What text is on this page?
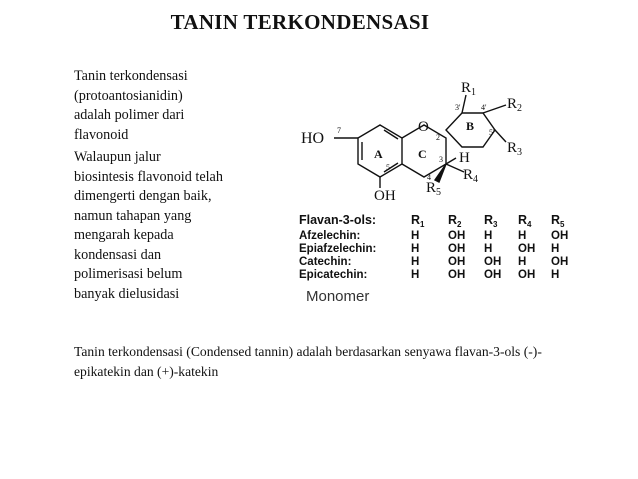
TANIN TERKONDENSASI
Tanin terkondensasi
(protoantosianidin)
adalah polimer dari
flavonoid
Walaupun jalur
biosintesis flavonoid telah
dimengerti dengan baik,
namun tahapan yang
mengarah kepada
kondensasi dan
polimerisasi belum
banyak dielusidasi
HO
O
A	C
B
OH
H
7
5
4
2
3
3'	4'
5'
$R_1$
$R_2$
$R_3$
$R_4$
$R_5$
Flavan-3-ols:	$R_1$ $R_2$ $R_3$ $R_4$ $R_5$
Afzelechin:	H OH H H OH
Epiafzelechin:	H OH H OH H
Catechin:	H OH OH H OH
Epicatechin:	H OH OH OH H
Monomer
Tanin terkondensasi (Condensed tannin) adalah berdasarkan senyawa flavan-3-ols (-)-epikatekin dan (+)-katekin
